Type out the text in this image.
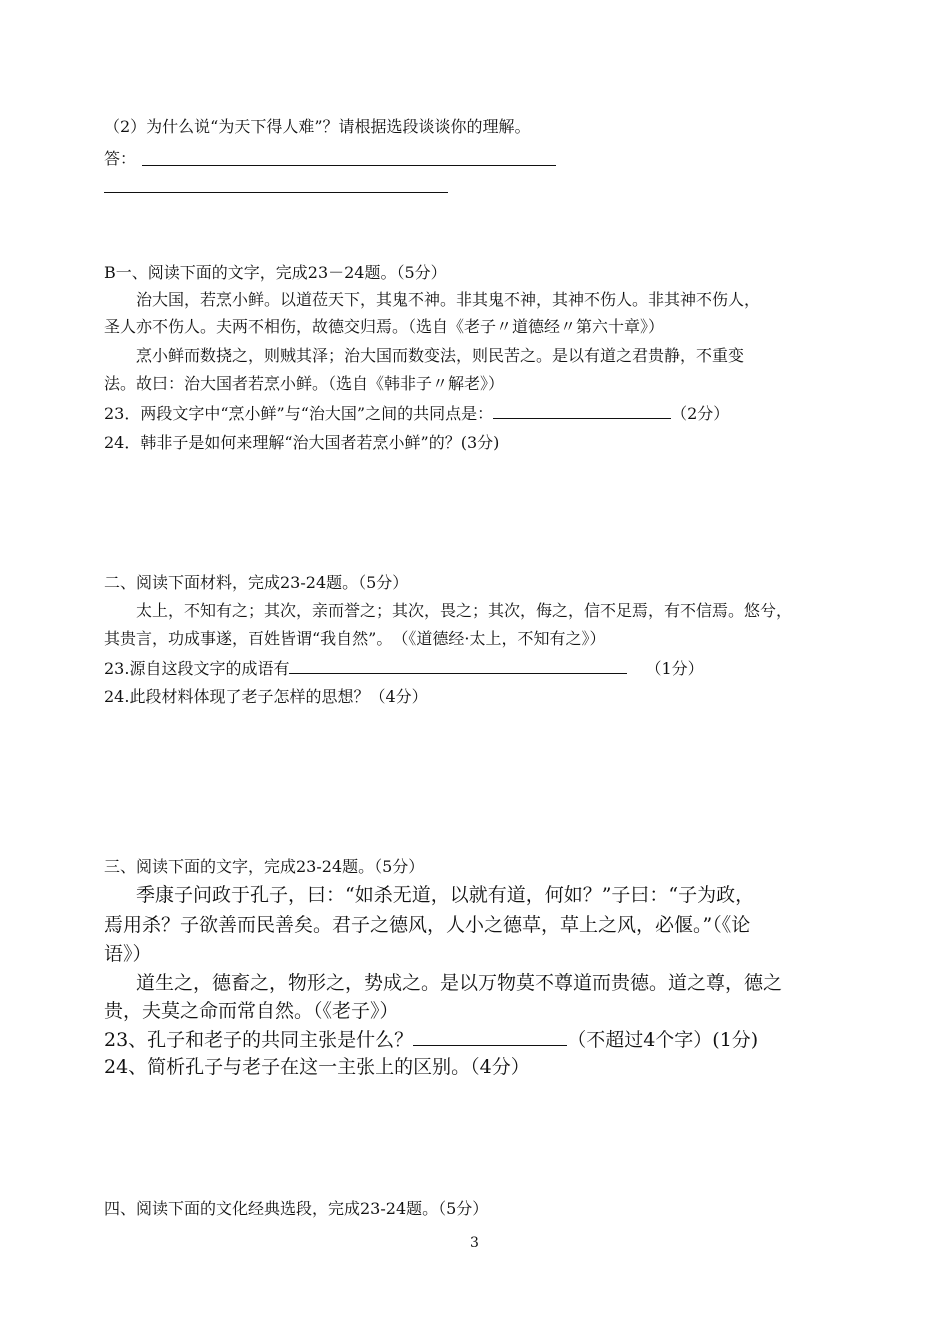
（2）为什么说“为天下得人难”？请根据选段谈谈你的理解。
答：
B一、阅读下面的文字，完成23－24题。（5分）
治大国，若烹小鲜。以道莅天下，其鬼不神。非其鬼不神，其神不伤人。非其神不伤人，
圣人亦不伤人。夫两不相伤，故德交归焉。（选自《老子〃道德经〃第六十章》）
烹小鲜而数挠之，则贼其泽；治大国而数变法，则民苦之。是以有道之君贵静，不重变
法。故曰：治大国者若烹小鲜。（选自《韩非子〃解老》）
23．两段文字中“烹小鲜”与“治大国”之间的共同点是：	（2分）
24．韩非子是如何来理解“治大国者若烹小鲜”的？(3分)
二、阅读下面材料，完成23-24题。（5分）
太上，不知有之；其次，亲而誉之；其次，畏之；其次，侮之，信不足焉，有不信焉。悠兮，
其贵言，功成事遂，百姓皆谓“我自然”。　（《道德经·太上，不知有之》）
23.源自这段文字的成语有	（1分）
24.此段材料体现了老子怎样的思想？（4分）
三、阅读下面的文字，完成23-24题。（5分）
季康子问政于孔子，曰：“如杀无道，以就有道，何如？”子曰：“子为政，
焉用杀？子欲善而民善矣。君子之德风，人小之德草，草上之风，必偃。”（《论
语》）
道生之，德畜之，物形之，势成之。是以万物莫不尊道而贵德。道之尊，德之
贵，夫莫之命而常自然。（《老子》）
23、孔子和老子的共同主张是什么？	（不超过4个字）(1分)
24、简析孔子与老子在这一主张上的区别。（4分）
四、阅读下面的文化经典选段，完成23-24题。（5分）
3
